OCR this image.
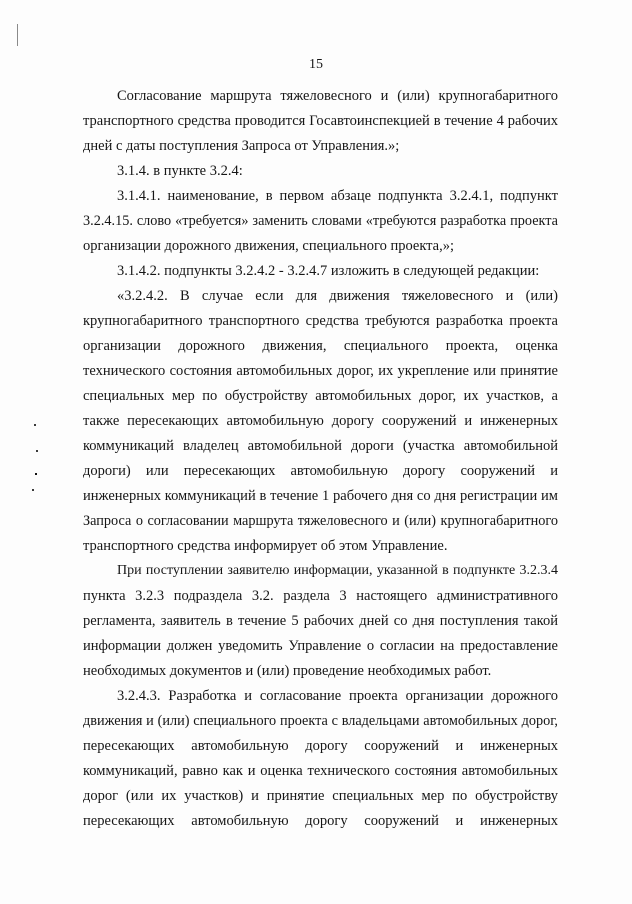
15
Согласование маршрута тяжеловесного и (или) крупногабаритного
транспортного средства проводится Госавтоинспекцией в течение 4 рабочих
дней с даты поступления Запроса от Управления.»;
3.1.4. в пункте 3.2.4:
3.1.4.1. наименование, в первом абзаце подпункта 3.2.4.1, подпункт
3.2.4.15. слово «требуется» заменить словами «требуются разработка проекта
организации дорожного движения, специального проекта,»;
3.1.4.2. подпункты 3.2.4.2 - 3.2.4.7 изложить в следующей редакции:
«3.2.4.2. В случае если для движения тяжеловесного и (или)
крупногабаритного транспортного средства требуются разработка проекта
организации дорожного движения, специального проекта, оценка
технического состояния автомобильных дорог, их укрепление или принятие
специальных мер по обустройству автомобильных дорог, их участков, а
также пересекающих автомобильную дорогу сооружений и инженерных
коммуникаций владелец автомобильной дороги (участка автомобильной
дороги) или пересекающих автомобильную дорогу сооружений и
инженерных коммуникаций в течение 1 рабочего дня со дня регистрации им
Запроса о согласовании маршрута тяжеловесного и (или) крупногабаритного
транспортного средства информирует об этом Управление.
При поступлении заявителю информации, указанной в подпункте 3.2.3.4
пункта 3.2.3 подраздела 3.2. раздела 3 настоящего административного
регламента, заявитель в течение 5 рабочих дней со дня поступления такой
информации должен уведомить Управление о согласии на предоставление
необходимых документов и (или) проведение необходимых работ.
3.2.4.3. Разработка и согласование проекта организации дорожного
движения и (или) специального проекта с владельцами автомобильных дорог,
пересекающих автомобильную дорогу сооружений и инженерных
коммуникаций, равно как и оценка технического состояния автомобильных
дорог (или их участков) и принятие специальных мер по обустройству
пересекающих автомобильную дорогу сооружений и инженерных
